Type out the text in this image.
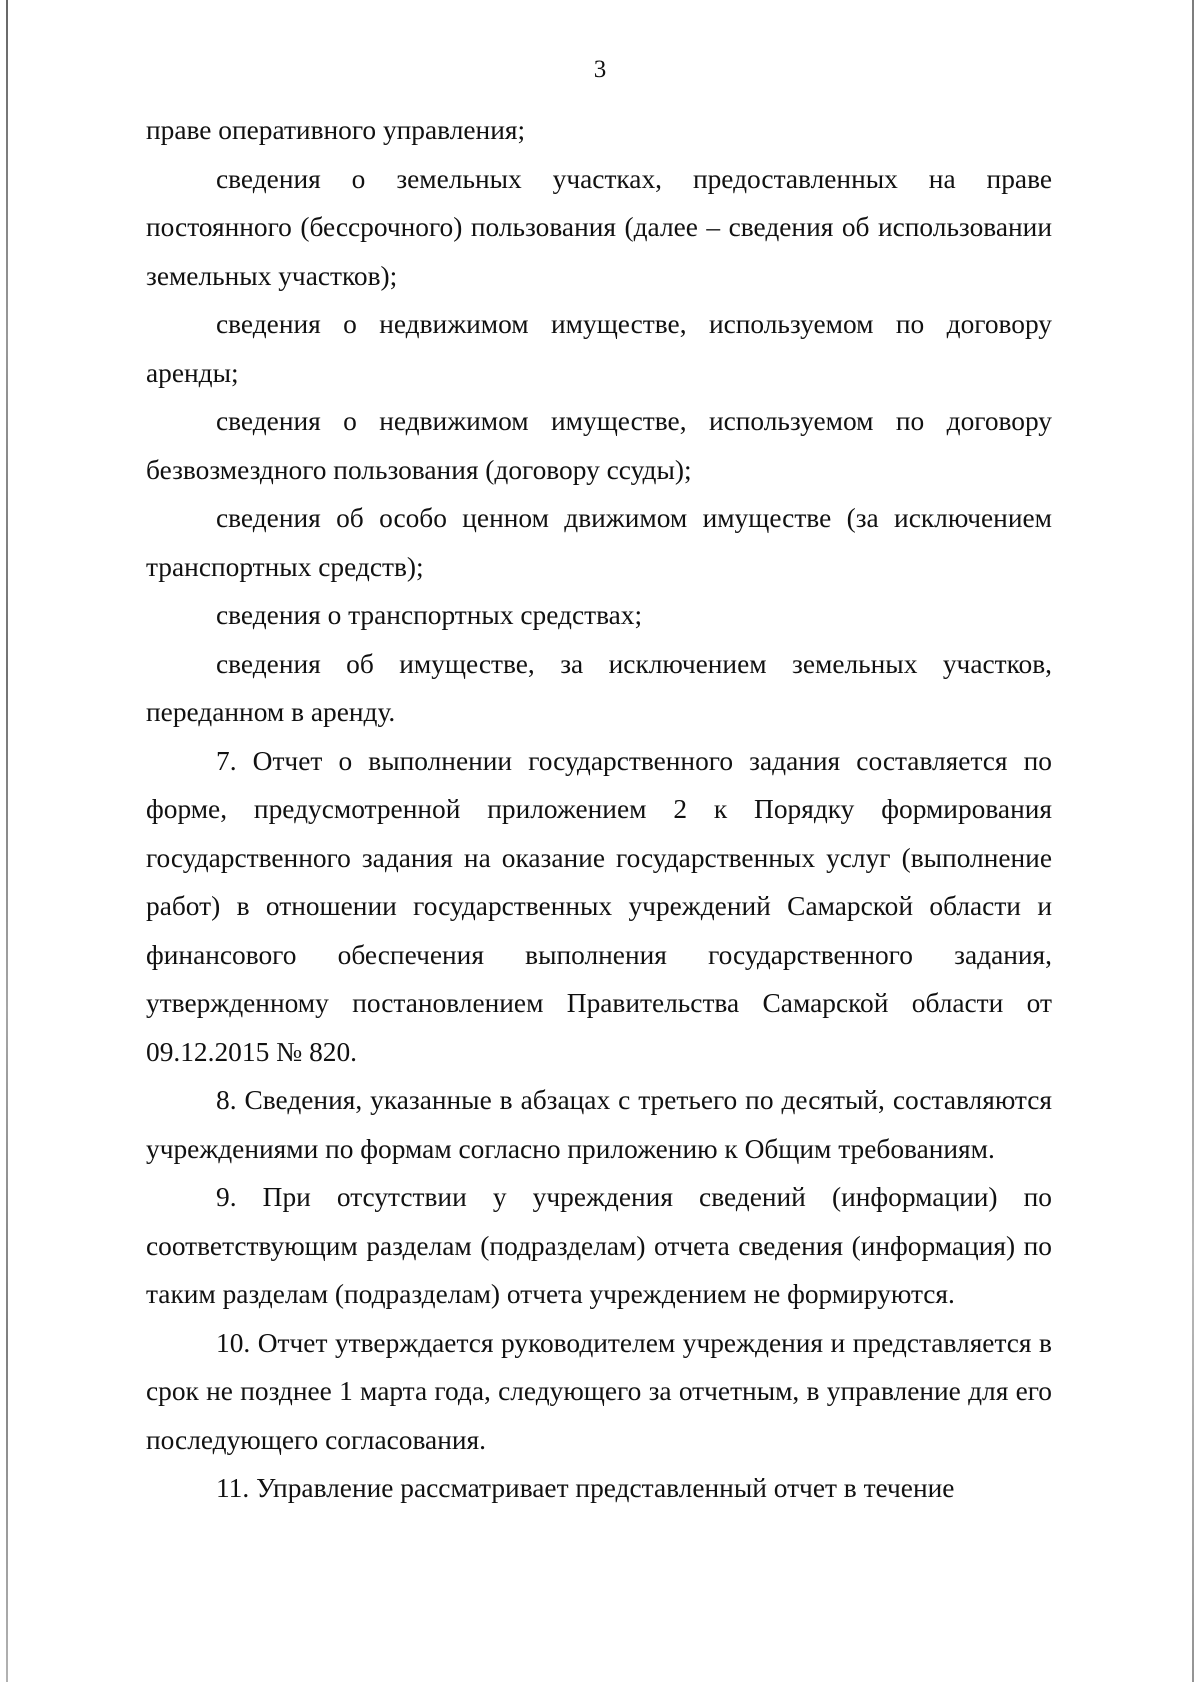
3

праве оперативного управления;

сведения о земельных участках, предоставленных на праве постоянного (бессрочного) пользования (далее – сведения об использовании земельных участков);

сведения о недвижимом имуществе, используемом по договору аренды;

сведения о недвижимом имуществе, используемом по договору безвозмездного пользования (договору ссуды);

сведения об особо ценном движимом имуществе (за исключением транспортных средств);

сведения о транспортных средствах;

сведения об имуществе, за исключением земельных участков, переданном в аренду.

7. Отчет о выполнении государственного задания составляется по форме, предусмотренной приложением 2 к Порядку формирования государственного задания на оказание государственных услуг (выполнение работ) в отношении государственных учреждений Самарской области и финансового обеспечения выполнения государственного задания, утвержденному постановлением Правительства Самарской области от 09.12.2015 № 820.

8. Сведения, указанные в абзацах с третьего по десятый, составляются учреждениями по формам согласно приложению к Общим требованиям.

9. При отсутствии у учреждения сведений (информации) по соответствующим разделам (подразделам) отчета сведения (информация) по таким разделам (подразделам) отчета учреждением не формируются.

10. Отчет утверждается руководителем учреждения и представляется в срок не позднее 1 марта года, следующего за отчетным, в управление для его последующего согласования.

11. Управление рассматривает представленный отчет в течение
